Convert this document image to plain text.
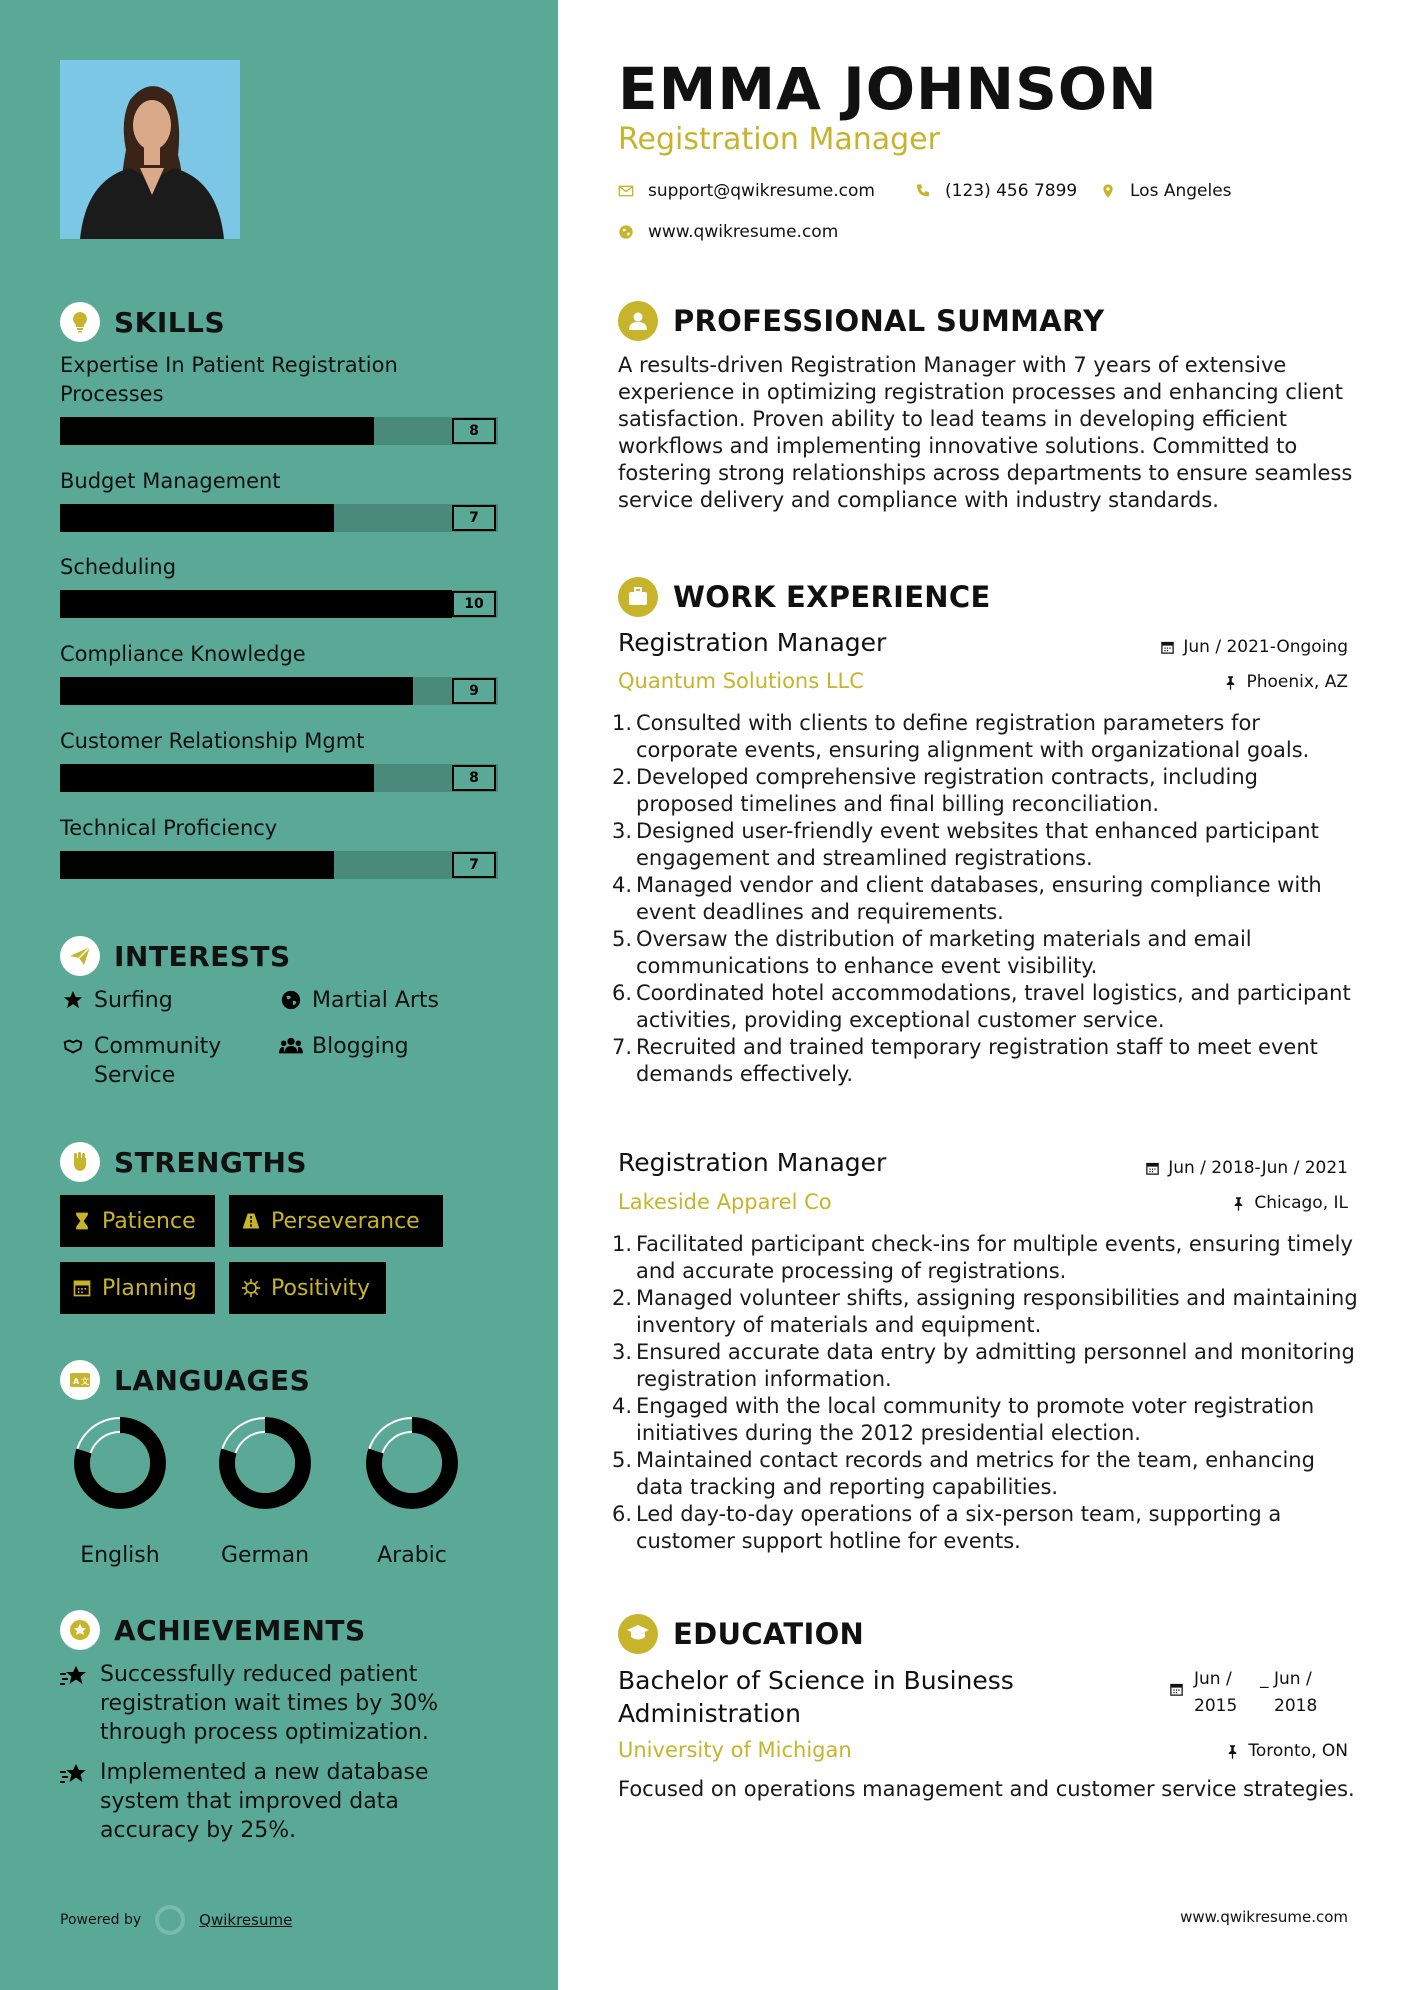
SKILLS
Expertise In Patient Registration Processes
8
Budget Management
7
Scheduling
10
Compliance Knowledge
9
Customer Relationship Mgmt
8
Technical Proficiency
7
INTERESTS
Surfing	Martial Arts
Community Service
Blogging
STRENGTHS
Patience	Perseverance
Planning	Positivity
A 文 LANGUAGES
English	German	Arabic
ACHIEVEMENTS
Successfully reduced patient registration wait times by 30% through process optimization.
Implemented a new database system that improved data accuracy by 25%.
Powered by	Qwikresume
EMMA JOHNSON
Registration Manager
support@qwikresume.com	(123) 456 7899	Los Angeles
www.qwikresume.com
PROFESSIONAL SUMMARY
A results-driven Registration Manager with 7 years of extensive experience in optimizing registration processes and enhancing client satisfaction. Proven ability to lead teams in developing efficient workflows and implementing innovative solutions. Committed to fostering strong relationships across departments to ensure seamless service delivery and compliance with industry standards.
WORK EXPERIENCE
Registration Manager	Jun / 2021-Ongoing
Quantum Solutions LLC	Phoenix, AZ
1. Consulted with clients to define registration parameters for corporate events, ensuring alignment with organizational goals.
2. Developed comprehensive registration contracts, including proposed timelines and final billing reconciliation.
3. Designed user-friendly event websites that enhanced participant engagement and streamlined registrations.
4. Managed vendor and client databases, ensuring compliance with event deadlines and requirements.
5. Oversaw the distribution of marketing materials and email communications to enhance event visibility.
6. Coordinated hotel accommodations, travel logistics, and participant activities, providing exceptional customer service.
7. Recruited and trained temporary registration staff to meet event demands effectively.
Registration Manager	Jun / 2018-Jun / 2021
Lakeside Apparel Co	Chicago, IL
1. Facilitated participant check-ins for multiple events, ensuring timely and accurate processing of registrations.
2. Managed volunteer shifts, assigning responsibilities and maintaining inventory of materials and equipment.
3. Ensured accurate data entry by admitting personnel and monitoring registration information.
4. Engaged with the local community to promote voter registration initiatives during the 2012 presidential election.
5. Maintained contact records and metrics for the team, enhancing data tracking and reporting capabilities.
6. Led day-to-day operations of a six-person team, supporting a customer support hotline for events.
EDUCATION
Bachelor of Science in Business Administration
Jun / 2015
_ Jun / 2018
University of Michigan	Toronto, ON
Focused on operations management and customer service strategies.
www.qwikresume.com
